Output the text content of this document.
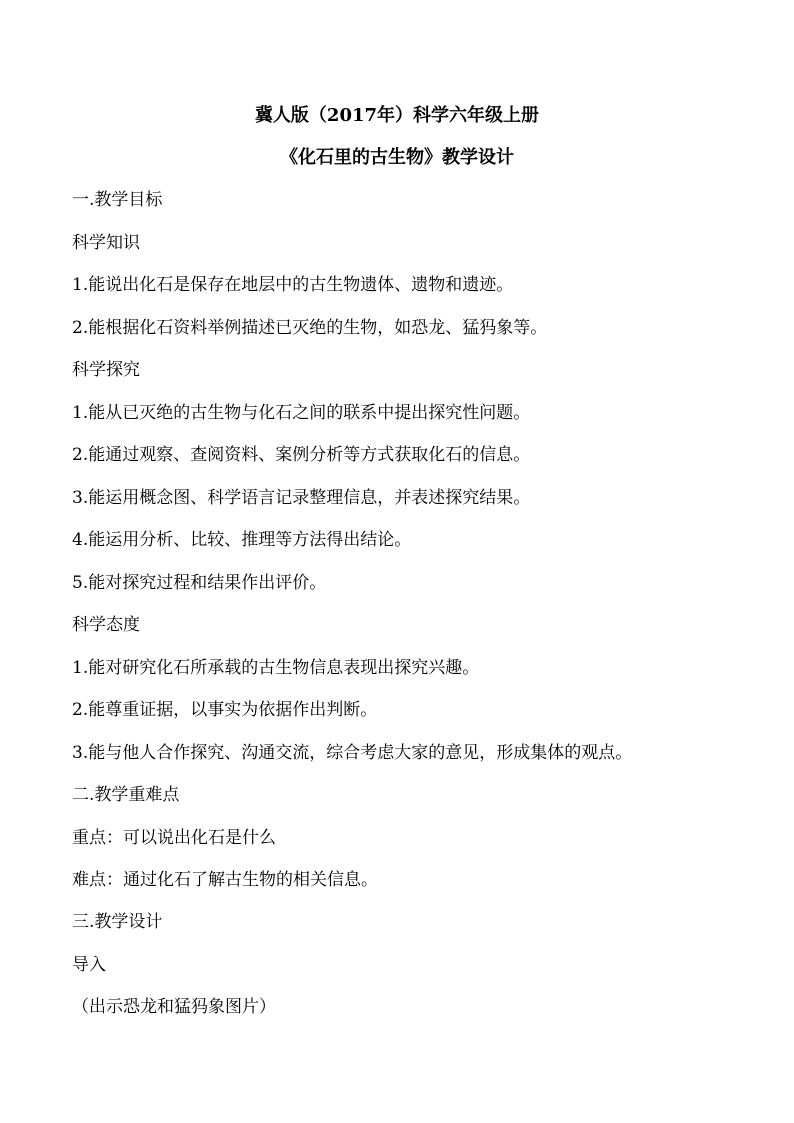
冀人版（2017年）科学六年级上册
《化石里的古生物》教学设计
一.教学目标
科学知识
1.能说出化石是保存在地层中的古生物遗体、遗物和遗迹。
2.能根据化石资料举例描述已灭绝的生物，如恐龙、猛犸象等。
科学探究
1.能从已灭绝的古生物与化石之间的联系中提出探究性问题。
2.能通过观察、查阅资料、案例分析等方式获取化石的信息。
3.能运用概念图、科学语言记录整理信息，并表述探究结果。
4.能运用分析、比较、推理等方法得出结论。
5.能对探究过程和结果作出评价。
科学态度
1.能对研究化石所承载的古生物信息表现出探究兴趣。
2.能尊重证据，以事实为依据作出判断。
3.能与他人合作探究、沟通交流，综合考虑大家的意见，形成集体的观点。
二.教学重难点
重点：可以说出化石是什么
难点：通过化石了解古生物的相关信息。
三.教学设计
导入
（出示恐龙和猛犸象图片）
